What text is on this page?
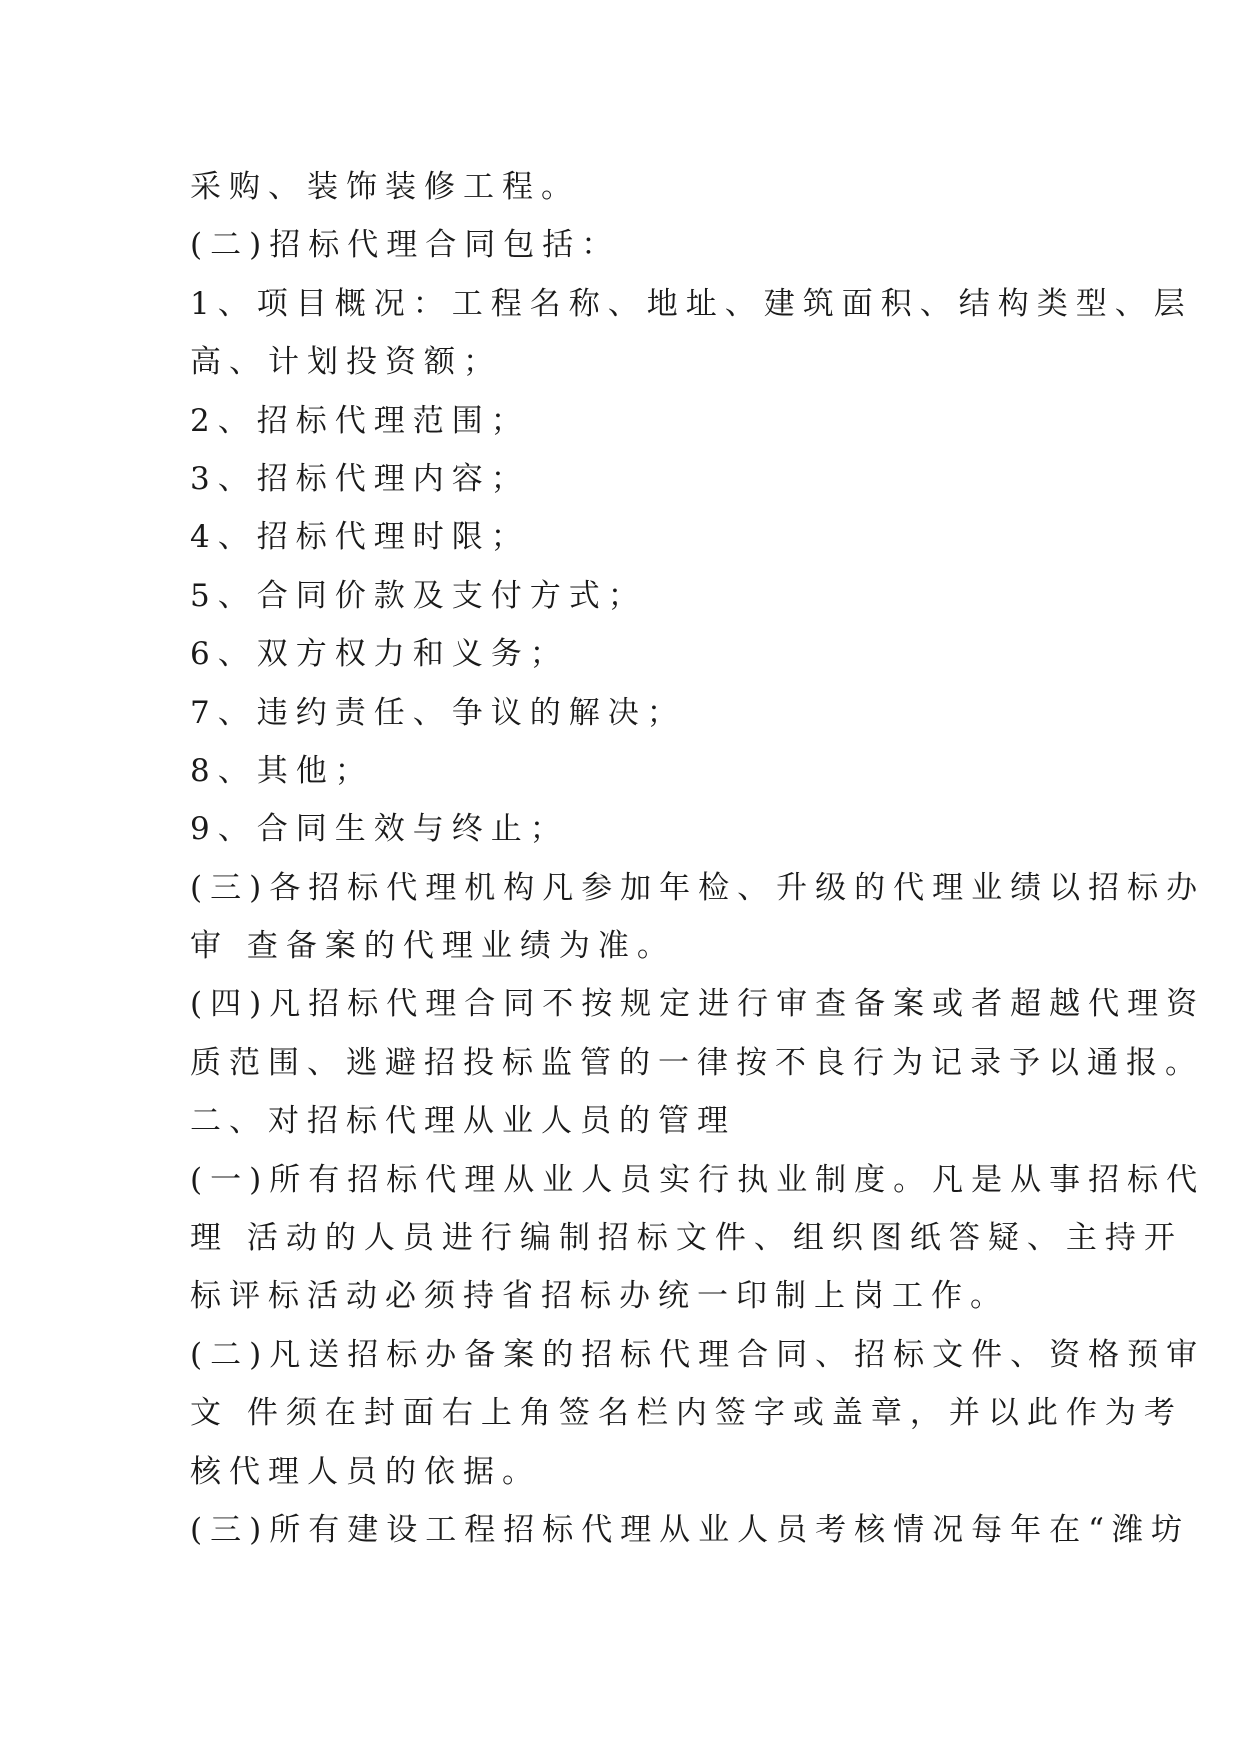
采购、装饰装修工程。
(二)招标代理合同包括：
1、项目概况：工程名称、地址、建筑面积、结构类型、层
高、计划投资额；
2、招标代理范围；
3、招标代理内容；
4、招标代理时限；
5、合同价款及支付方式；
6、双方权力和义务；
7、违约责任、争议的解决；
8、其他；
9、合同生效与终止；
(三)各招标代理机构凡参加年检、升级的代理业绩以招标办
审 查备案的代理业绩为准。
(四)凡招标代理合同不按规定进行审查备案或者超越代理资
质范围、逃避招投标监管的一律按不良行为记录予以通报。
二、对招标代理从业人员的管理
(一)所有招标代理从业人员实行执业制度。凡是从事招标代
理 活动的人员进行编制招标文件、组织图纸答疑、主持开
标评标活动必须持省招标办统一印制上岗工作。
(二)凡送招标办备案的招标代理合同、招标文件、资格预审
文 件须在封面右上角签名栏内签字或盖章，并以此作为考
核代理人员的依据。
(三)所有建设工程招标代理从业人员考核情况每年在“潍坊
